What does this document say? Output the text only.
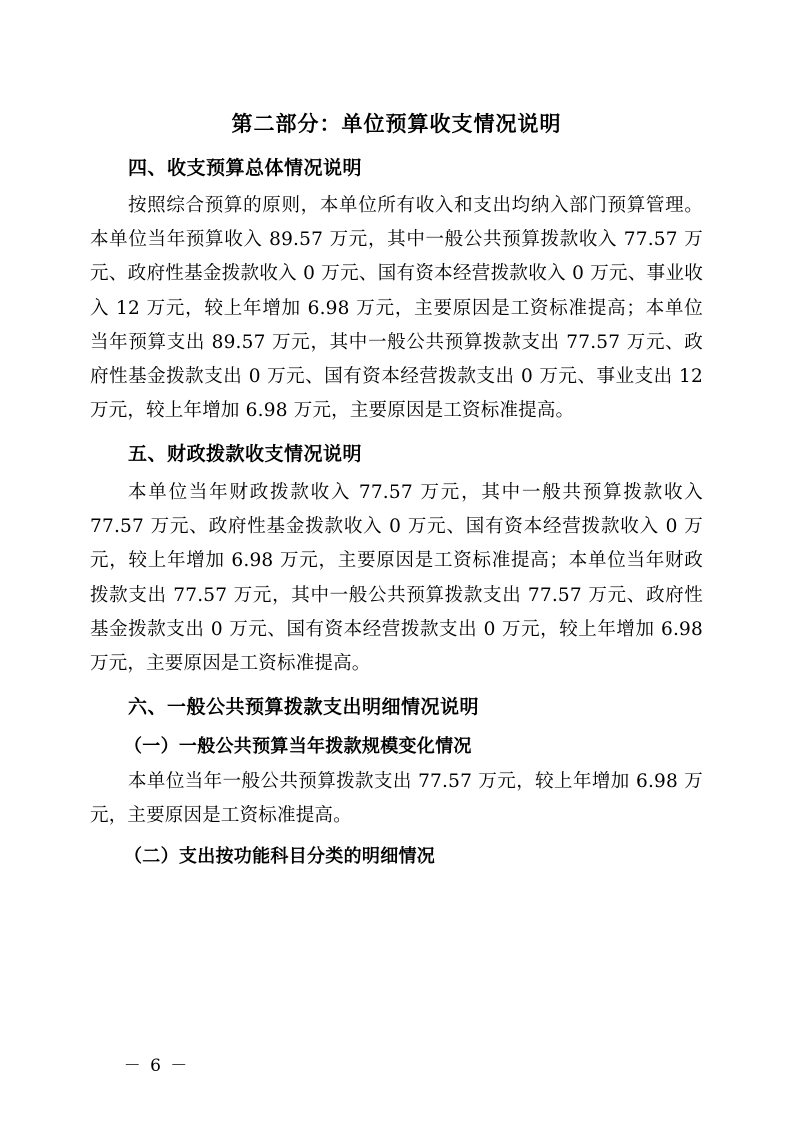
第二部分：单位预算收支情况说明
四、收支预算总体情况说明

按照综合预算的原则，本单位所有收入和支出均纳入部门预算管理。本单位当年预算收入 89.57 万元，其中一般公共预算拨款收入 77.57 万元、政府性基金拨款收入 0 万元、国有资本经营拨款收入 0 万元、事业收入 12 万元，较上年增加 6.98 万元，主要原因是工资标准提高；本单位当年预算支出 89.57 万元，其中一般公共预算拨款支出 77.57 万元、政府性基金拨款支出 0 万元、国有资本经营拨款支出 0 万元、事业支出 12 万元，较上年增加 6.98 万元，主要原因是工资标准提高。

五、财政拨款收支情况说明

本单位当年财政拨款收入 77.57 万元，其中一般共预算拨款收入 77.57 万元、政府性基金拨款收入 0 万元、国有资本经营拨款收入 0 万元，较上年增加 6.98 万元，主要原因是工资标准提高；本单位当年财政拨款支出 77.57 万元，其中一般公共预算拨款支出 77.57 万元、政府性基金拨款支出 0 万元、国有资本经营拨款支出 0 万元，较上年增加 6.98 万元，主要原因是工资标准提高。

六、一般公共预算拨款支出明细情况说明
（一）一般公共预算当年拨款规模变化情况

本单位当年一般公共预算拨款支出 77.57 万元，较上年增加 6.98 万元，主要原因是工资标准提高。

（二）支出按功能科目分类的明细情况
－ 6 －
